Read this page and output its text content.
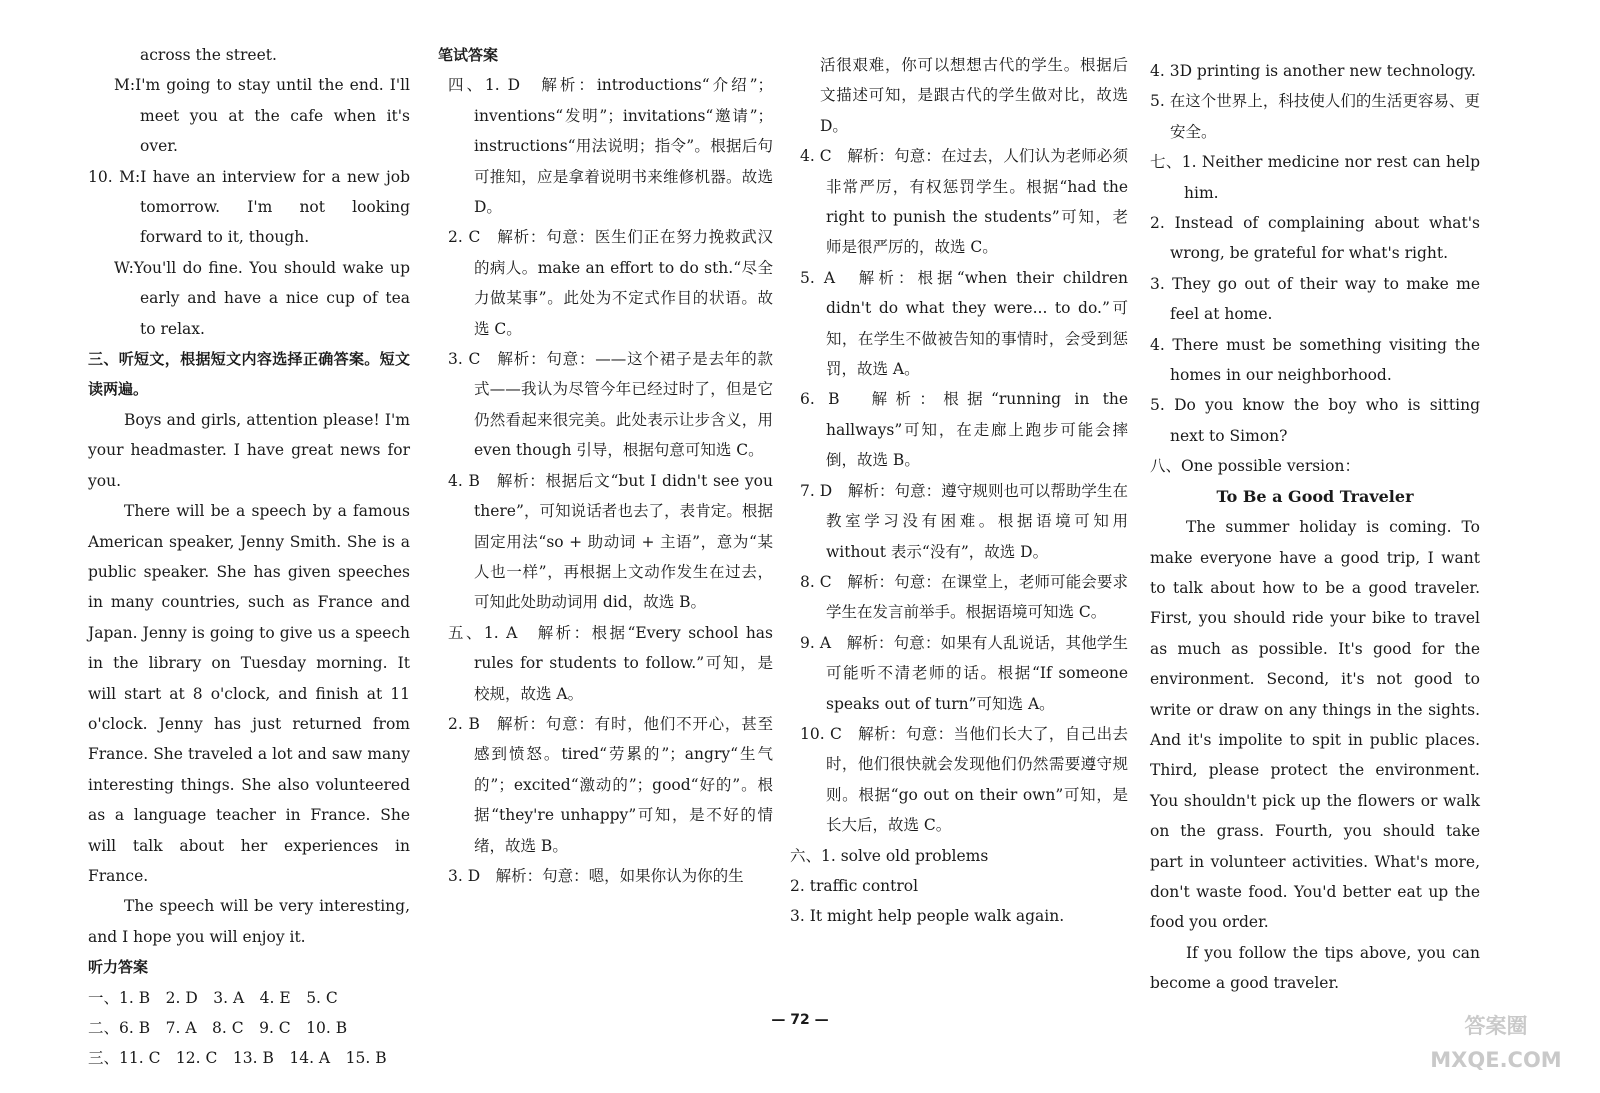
across the street.

M:I'm going to stay until the end. I'll meet you at the cafe when it's over.

10. M:I have an interview for a new job tomorrow. I'm not looking forward to it, though.

W:You'll do fine. You should wake up early and have a nice cup of tea to relax.

三、听短文，根据短文内容选择正确答案。短文读两遍。

Boys and girls, attention please! I'm your headmaster. I have great news for you.

There will be a speech by a famous American speaker, Jenny Smith. She is a public speaker. She has given speeches in many countries, such as France and Japan. Jenny is going to give us a speech in the library on Tuesday morning. It will start at 8 o'clock, and finish at 11 o'clock. Jenny has just returned from France. She traveled a lot and saw many interesting things. She also volunteered as a language teacher in France. She will talk about her experiences in France.

The speech will be very interesting, and I hope you will enjoy it.

听力答案

一、1. B　2. D　3. A　4. E　5. C

二、6. B　7. A　8. C　9. C　10. B

三、11. C　12. C　13. B　14. A　15. B

笔试答案

四、1. D　解析：introductions“介绍”；inventions“发明”；invitations“邀请”；instructions“用法说明；指令”。根据后句可推知，应是拿着说明书来维修机器。故选 D。

2. C　解析：句意：医生们正在努力挽救武汉的病人。make an effort to do sth.“尽全力做某事”。此处为不定式作目的状语。故选 C。

3. C　解析：句意：——这个裙子是去年的款式——我认为尽管今年已经过时了，但是它仍然看起来很完美。此处表示让步含义，用 even though 引导，根据句意可知选 C。

4. B　解析：根据后文“but I didn't see you there”，可知说话者也去了，表肯定。根据固定用法“so + 助动词 + 主语”，意为“某人也一样”，再根据上文动作发生在过去，可知此处助动词用 did，故选 B。

五、1. A　解析：根据“Every school has rules for students to follow.”可知，是校规，故选 A。

2. B　解析：句意：有时，他们不开心，甚至感到愤怒。tired“劳累的”；angry“生气的”；excited“激动的”；good“好的”。根据“they're unhappy”可知，是不好的情绪，故选 B。

3. D　解析：句意：嗯，如果你认为你的生

活很艰难，你可以想想古代的学生。根据后文描述可知，是跟古代的学生做对比，故选 D。

4. C　解析：句意：在过去，人们认为老师必须非常严厉，有权惩罚学生。根据“had the right to punish the students”可知，老师是很严厉的，故选 C。

5. A　解析：根据“when their children didn't do what they were... to do.”可知，在学生不做被告知的事情时，会受到惩罚，故选 A。

6. B　解析：根据“running in the hallways”可知，在走廊上跑步可能会摔倒，故选 B。

7. D　解析：句意：遵守规则也可以帮助学生在教室学习没有困难。根据语境可知用 without 表示“没有”，故选 D。

8. C　解析：句意：在课堂上，老师可能会要求学生在发言前举手。根据语境可知选 C。

9. A　解析：句意：如果有人乱说话，其他学生可能听不清老师的话。根据“If someone speaks out of turn”可知选 A。

10. C　解析：句意：当他们长大了，自己出去时，他们很快就会发现他们仍然需要遵守规则。根据“go out on their own”可知，是长大后，故选 C。

六、1. solve old problems

2. traffic control

3. It might help people walk again.

4. 3D printing is another new technology.

5. 在这个世界上，科技使人们的生活更容易、更安全。

七、1. Neither medicine nor rest can help him.

2. Instead of complaining about what's wrong, be grateful for what's right.

3. They go out of their way to make me feel at home.

4. There must be something visiting the homes in our neighborhood.

5. Do you know the boy who is sitting next to Simon?

八、One possible version：

To Be a Good Traveler

The summer holiday is coming. To make everyone have a good trip, I want to talk about how to be a good traveler. First, you should ride your bike to travel as much as possible. It's good for the environment. Second, it's not good to write or draw on any things in the sights. And it's impolite to spit in public places. Third, please protect the environment. You shouldn't pick up the flowers or walk on the grass. Fourth, you should take part in volunteer activities. What's more, don't waste food. You'd better eat up the food you order.

If you follow the tips above, you can become a good traveler.

— 72 —	答案圈
MXQE.COM
